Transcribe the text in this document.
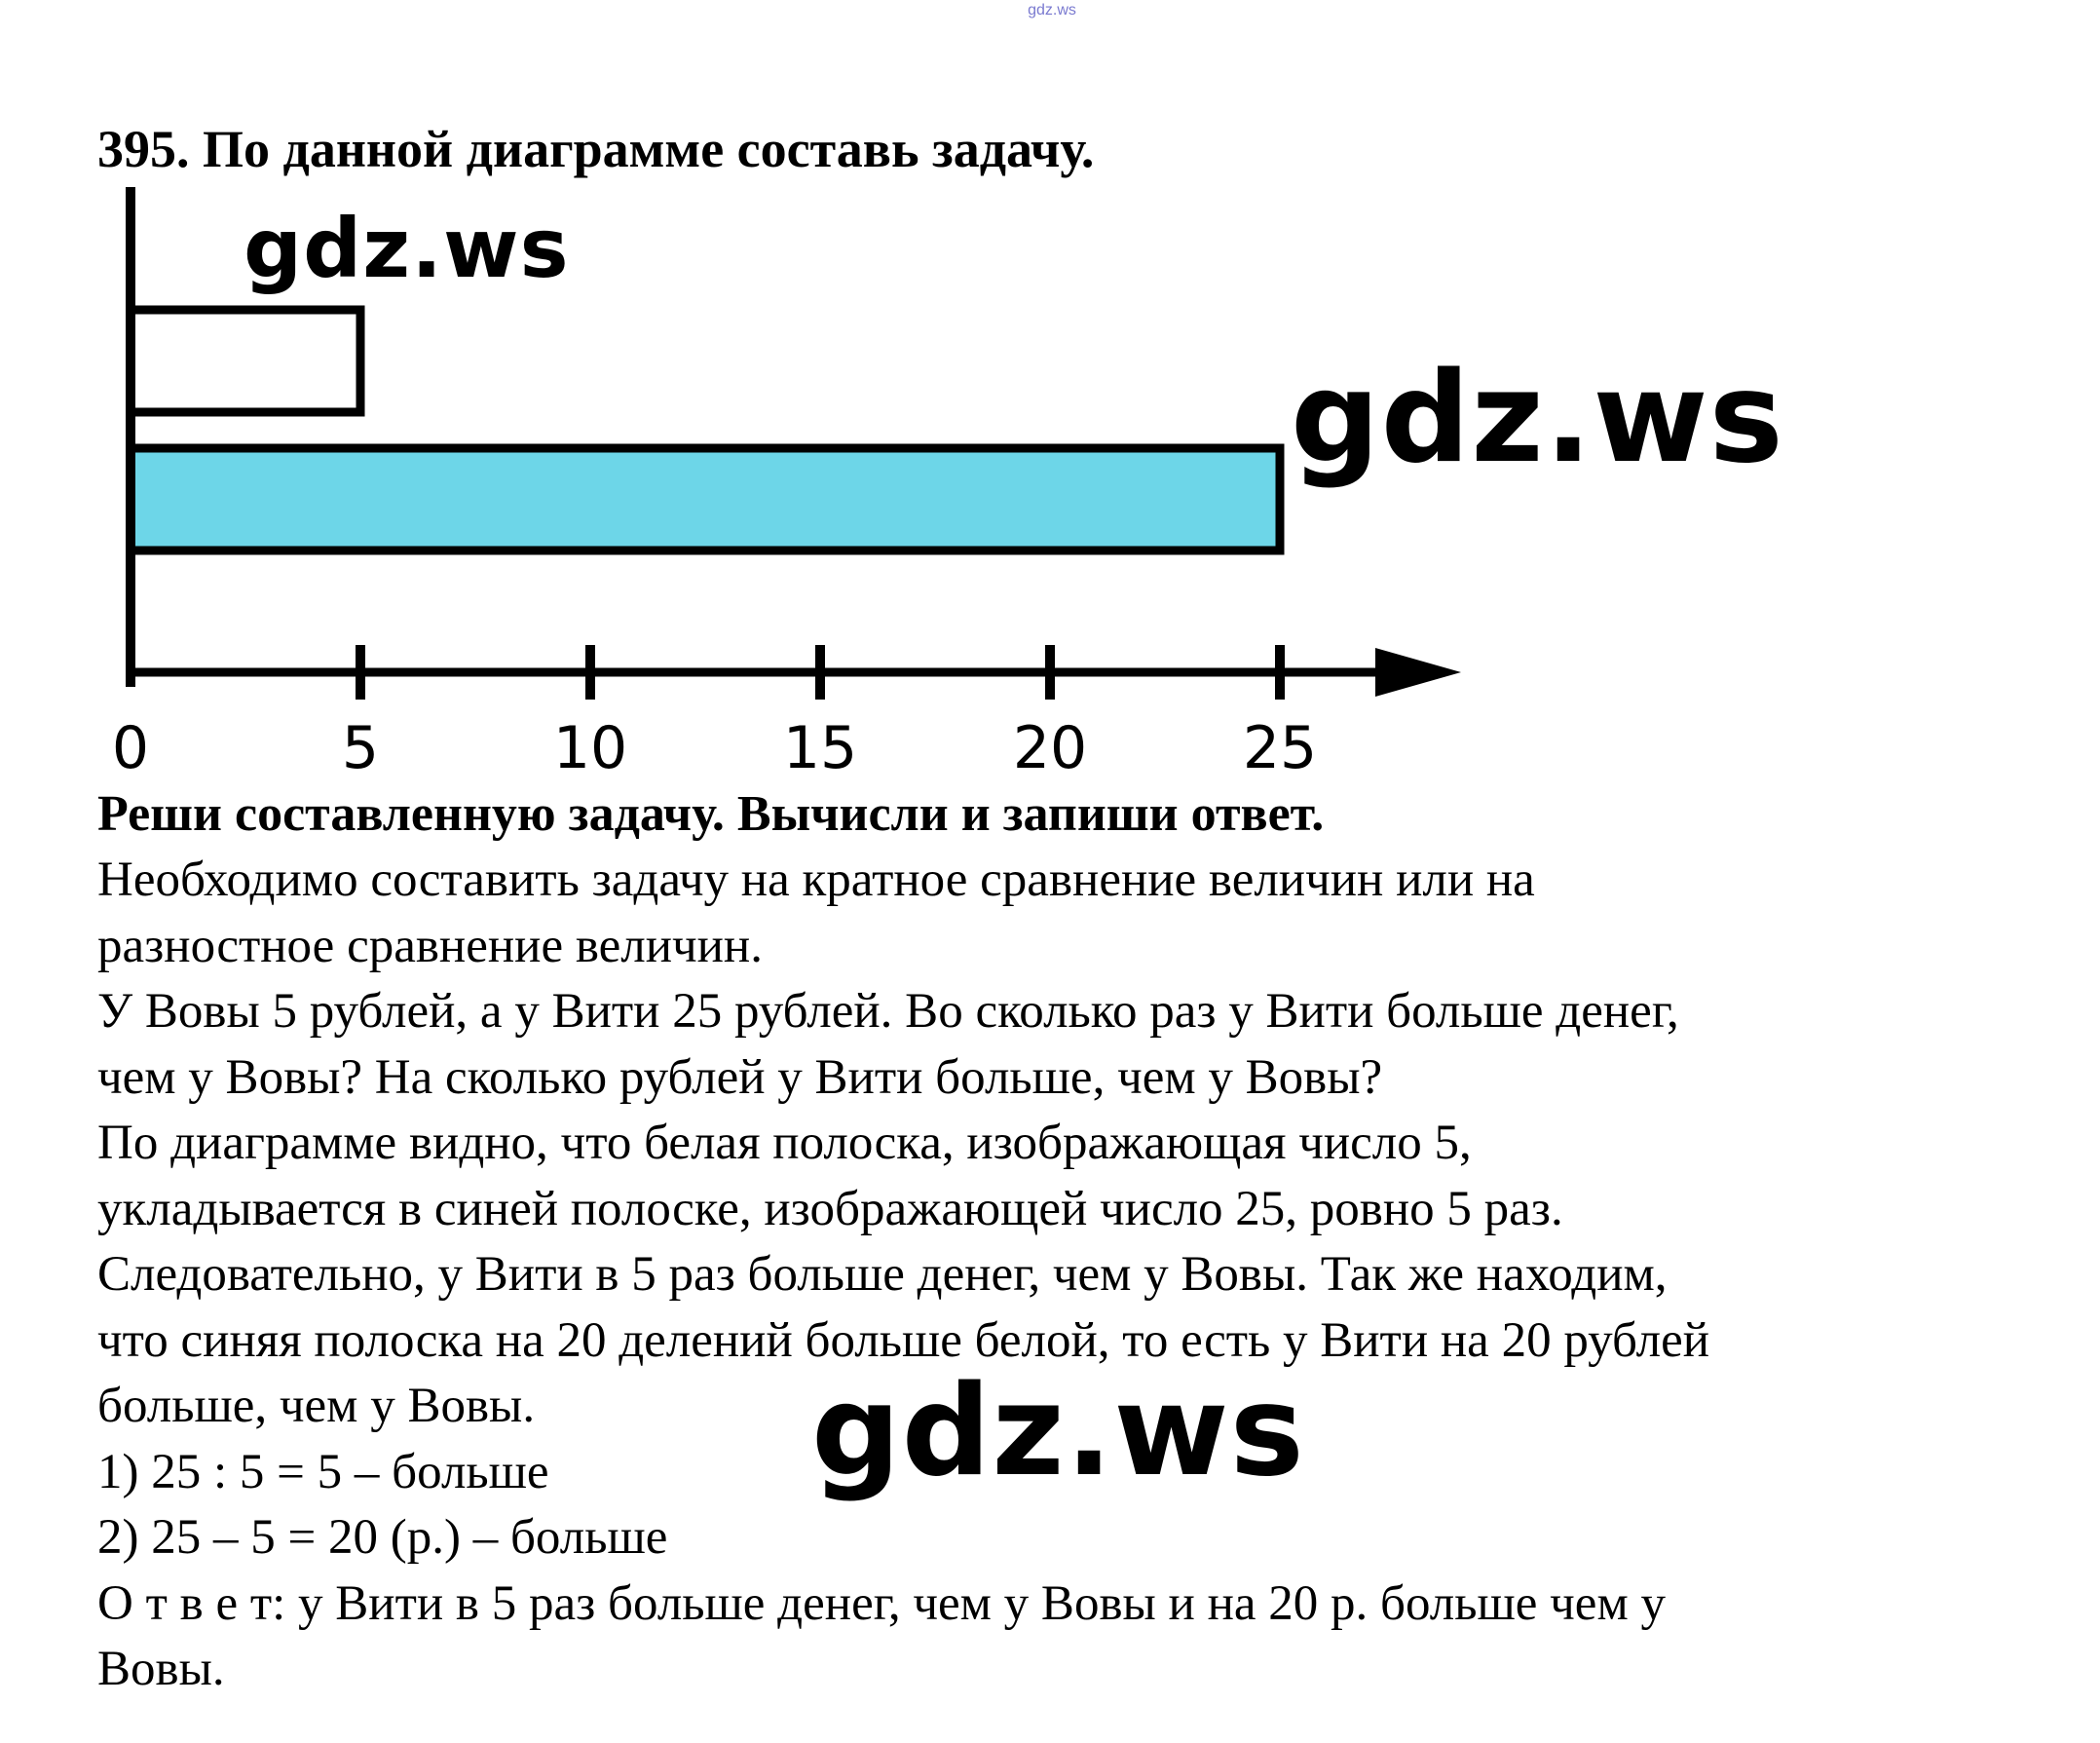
gdz.ws
395. По данной диаграмме составь задачу.
0	5	10	15	20	25
gdz.ws
gdz.ws
Реши составленную задачу. Вычисли и запиши ответ.
Необходимо составить задачу на кратное сравнение величин или на
разностное сравнение величин.
У Вовы 5 рублей, а у Вити 25 рублей. Во сколько раз у Вити больше денег,
чем у Вовы? На сколько рублей у Вити больше, чем у Вовы?
По диаграмме видно, что белая полоска, изображающая число 5,
укладывается в синей полоске, изображающей число 25, ровно 5 раз.
Следовательно, у Вити в 5 раз больше денег, чем у Вовы. Так же находим,
что синяя полоска на 20 делений больше белой, то есть у Вити на 20 рублей
больше, чем у Вовы.
1) 25 : 5 = 5 – больше
2) 25 – 5 = 20 (р.) – больше
О т в е т: у Вити в 5 раз больше денег, чем у Вовы и на 20 р. больше чем у
Вовы.
gdz.ws
